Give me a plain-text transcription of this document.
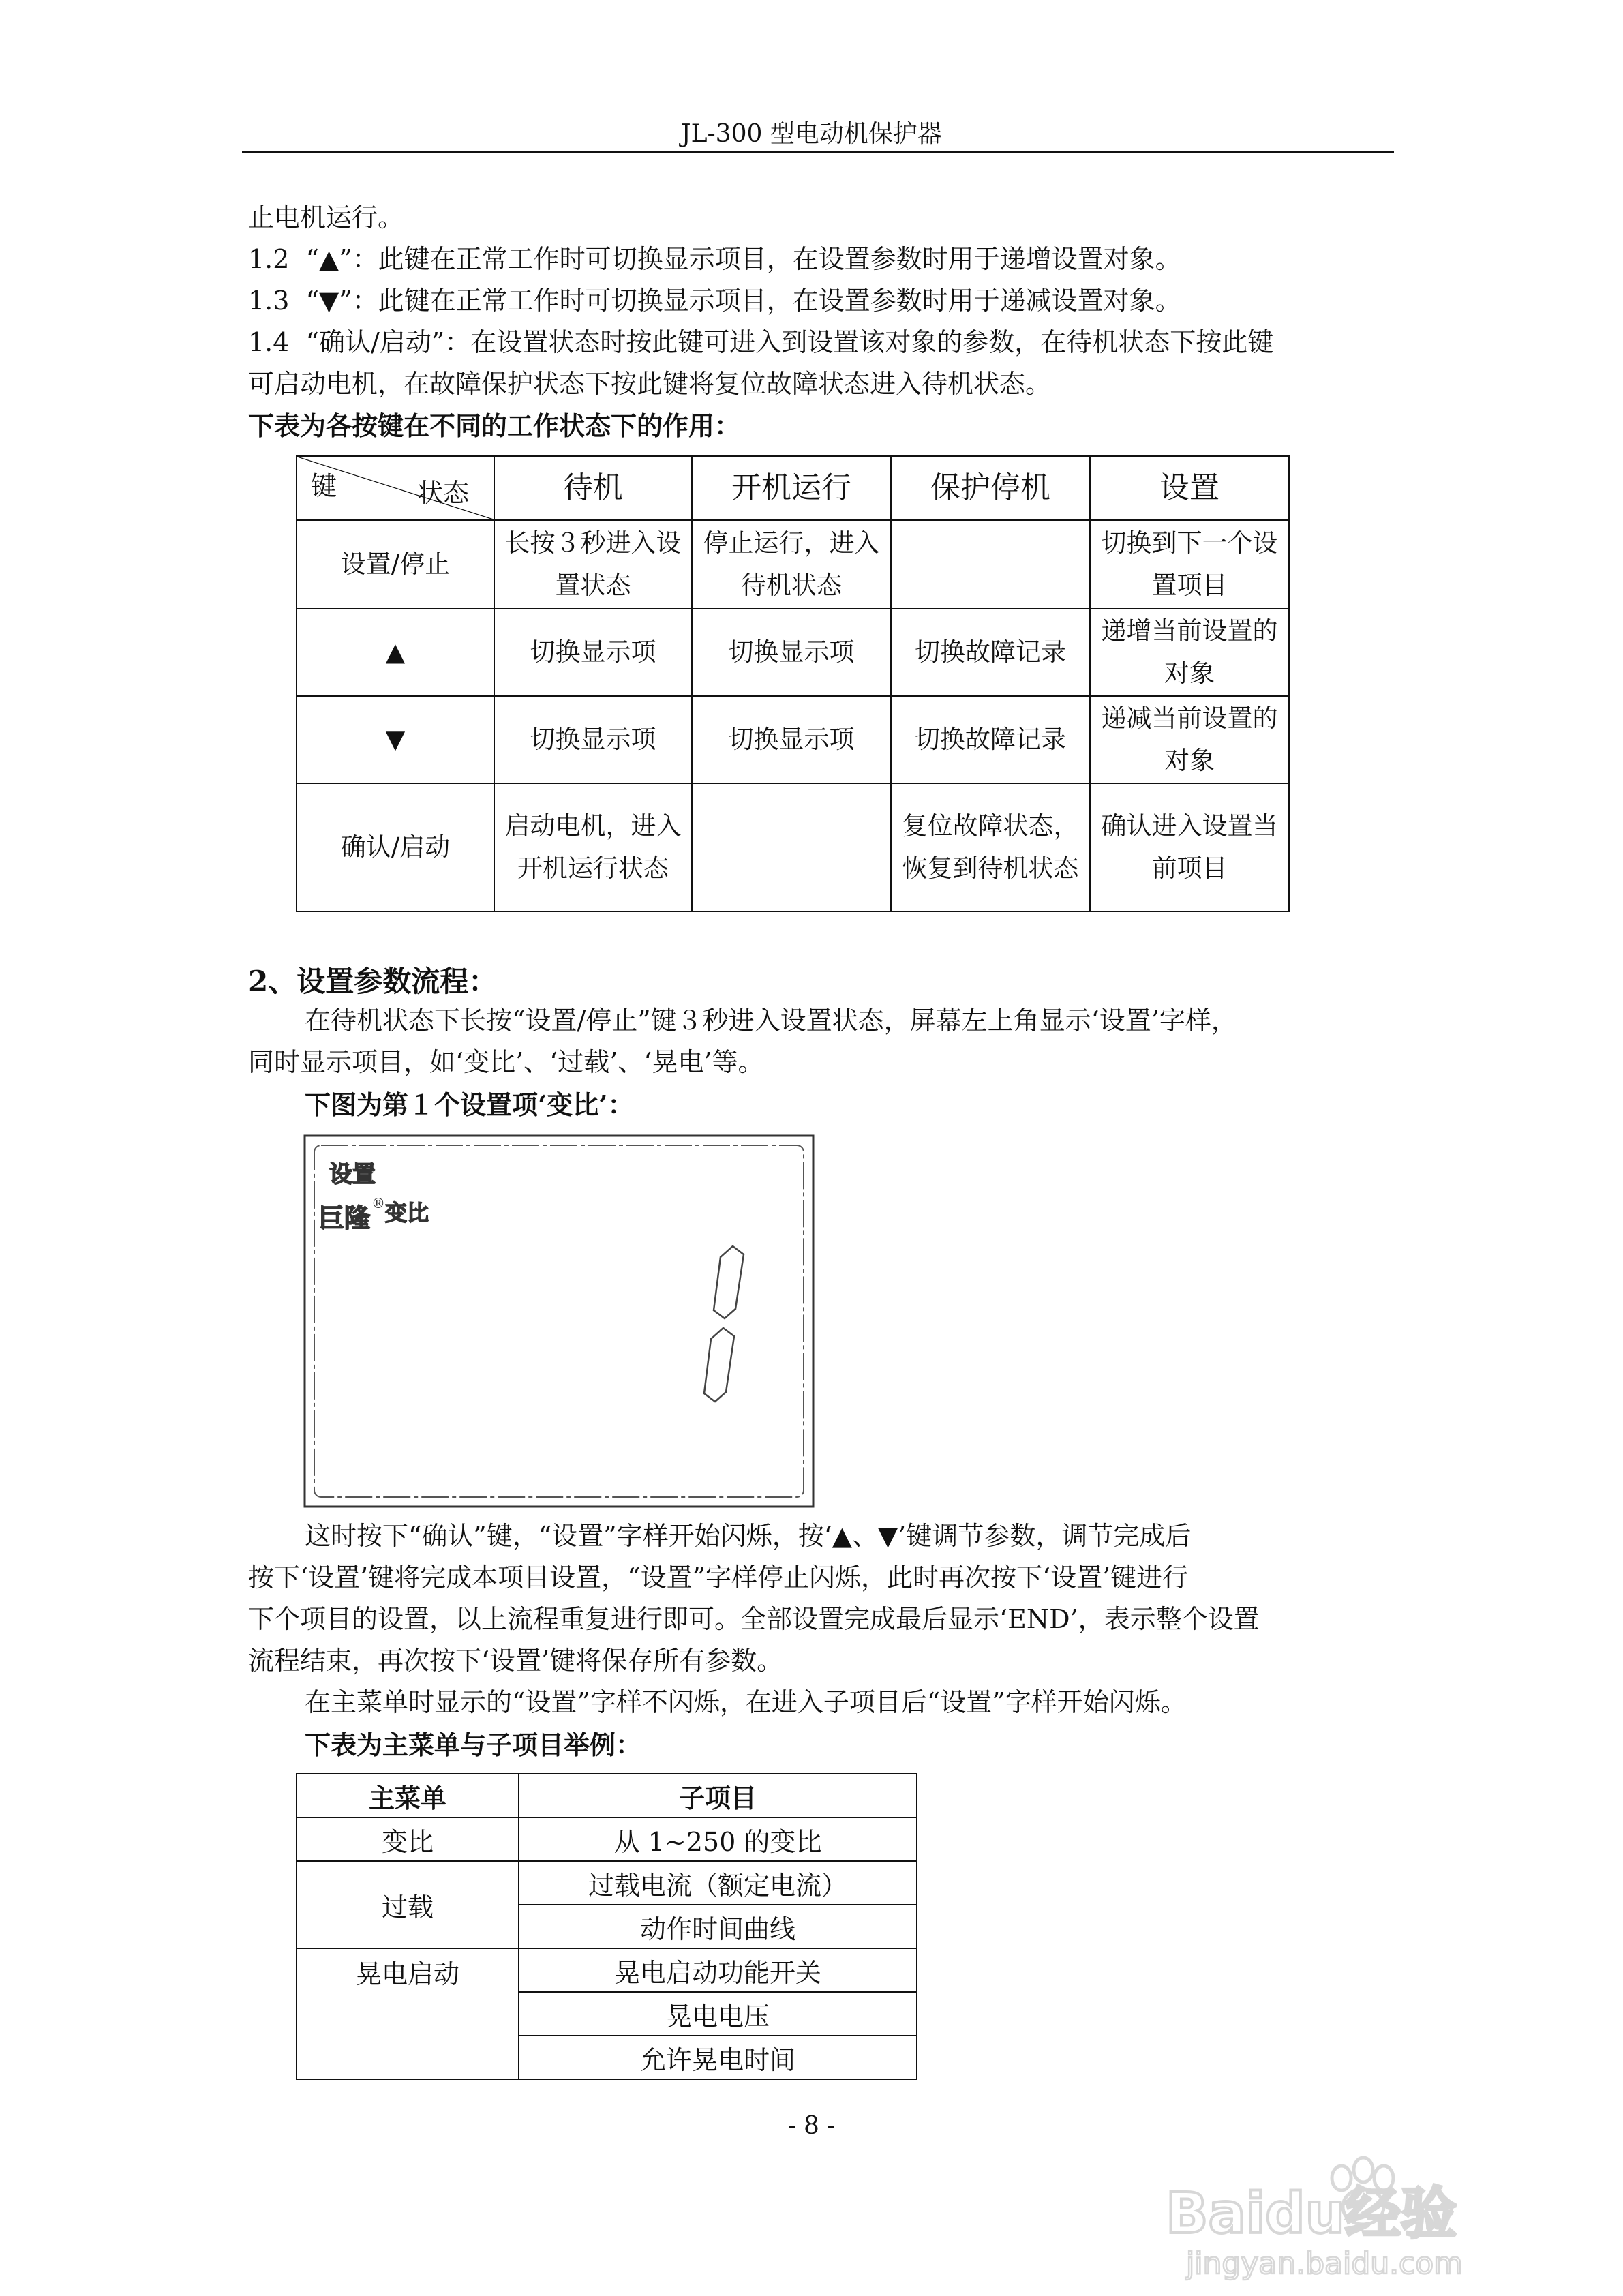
JL-300 型电动机保护器
止电机运行。
1.2  “▲”：此键在正常工作时可切换显示项目，在设置参数时用于递增设置对象。
1.3  “▼”：此键在正常工作时可切换显示项目，在设置参数时用于递减设置对象。
1.4  “确认/启动”：在设置状态时按此键可进入到设置该对象的参数，在待机状态下按此键
可启动电机，在故障保护状态下按此键将复位故障状态进入待机状态。
下表为各按键在不同的工作状态下的作用：
键 状态	待机	开机运行	保护停机	设置
设置/停止	长按３秒进入设置状态	停止运行，进入待机状态		切换到下一个设置项目
▲	切换显示项	切换显示项	切换故障记录	递增当前设置的对象
▼	切换显示项	切换显示项	切换故障记录	递减当前设置的对象
确认/启动	启动电机，进入开机运行状态		复位故障状态，恢复到待机状态	确认进入设置当前项目
2、设置参数流程：
在待机状态下长按“设置/停止”键３秒进入设置状态，屏幕左上角显示‘设置’字样，
同时显示项目，如‘变比’、‘过载’、‘晃电’等。
下图为第１个设置项‘变比’：
设置
巨隆 ® 变比
这时按下“确认”键，“设置”字样开始闪烁，按‘▲、▼’键调节参数，调节完成后
按下‘设置’键将完成本项目设置，“设置”字样停止闪烁，此时再次按下‘设置’键进行
下个项目的设置，以上流程重复进行即可。全部设置完成最后显示‘END’，表示整个设置
流程结束，再次按下‘设置’键将保存所有参数。
在主菜单时显示的“设置”字样不闪烁，在进入子项目后“设置”字样开始闪烁。
下表为主菜单与子项目举例：
主菜单	子项目
变比	从 1~250 的变比
过载	过载电流（额定电流）
	动作时间曲线
晃电启动	晃电启动功能开关
	晃电电压
	允许晃电时间
- 8 -
Baidu经验
jingyan.baidu.com
